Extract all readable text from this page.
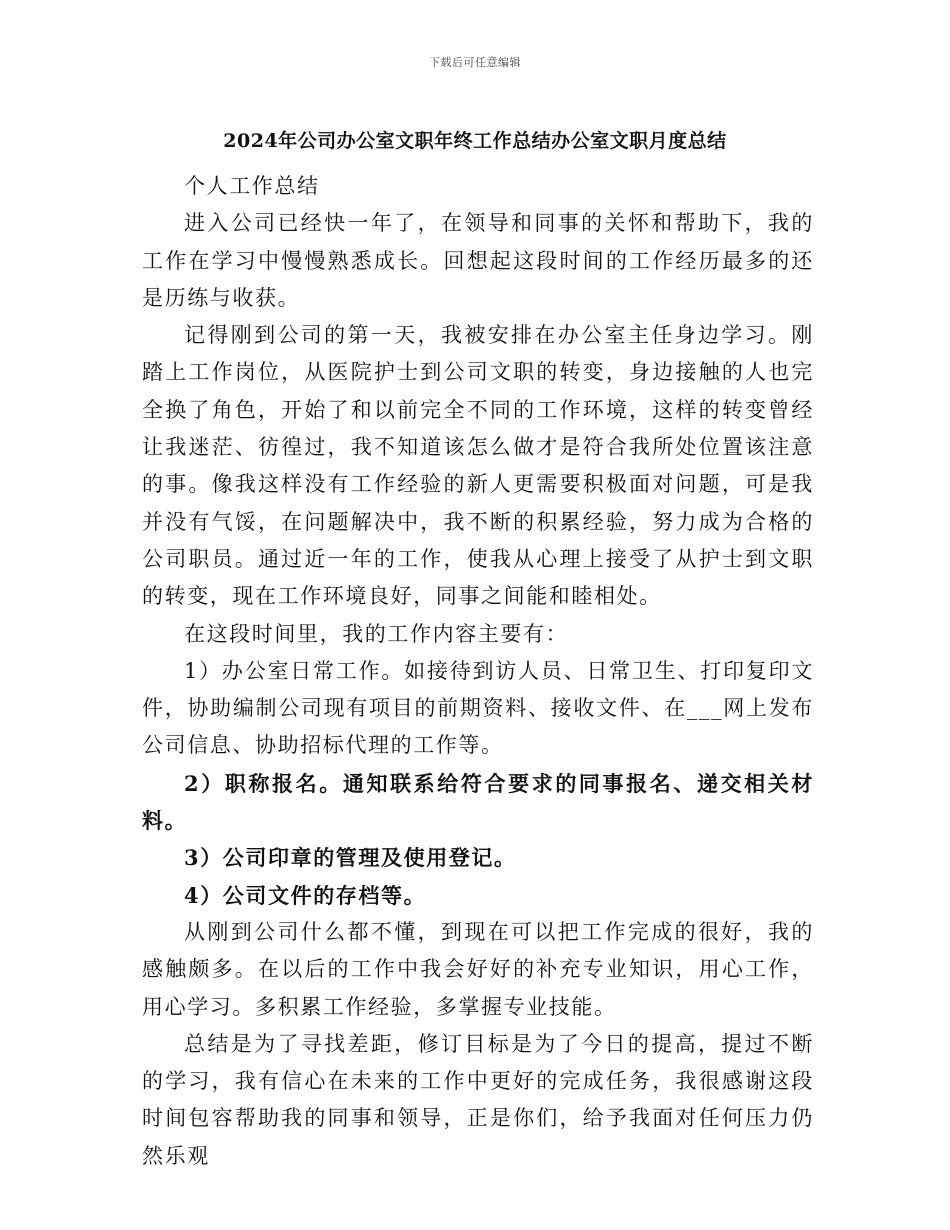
下载后可任意编辑
2024年公司办公室文职年终工作总结办公室文职月度总结

个人工作总结

进入公司已经快一年了，在领导和同事的关怀和帮助下，我的工作在学习中慢慢熟悉成长。回想起这段时间的工作经历最多的还是历练与收获。

记得刚到公司的第一天，我被安排在办公室主任身边学习。刚踏上工作岗位，从医院护士到公司文职的转变，身边接触的人也完全换了角色，开始了和以前完全不同的工作环境，这样的转变曾经让我迷茫、彷徨过，我不知道该怎么做才是符合我所处位置该注意的事。像我这样没有工作经验的新人更需要积极面对问题，可是我并没有气馁，在问题解决中，我不断的积累经验，努力成为合格的公司职员。通过近一年的工作，使我从心理上接受了从护士到文职的转变，现在工作环境良好，同事之间能和睦相处。

在这段时间里，我的工作内容主要有：

1）办公室日常工作。如接待到访人员、日常卫生、打印复印文件，协助编制公司现有项目的前期资料、接收文件、在___网上发布公司信息、协助招标代理的工作等。

2）职称报名。通知联系给符合要求的同事报名、递交相关材料。

3）公司印章的管理及使用登记。

4）公司文件的存档等。

从刚到公司什么都不懂，到现在可以把工作完成的很好，我的感触颇多。在以后的工作中我会好好的补充专业知识，用心工作，用心学习。多积累工作经验，多掌握专业技能。

总结是为了寻找差距，修订目标是为了今日的提高，提过不断的学习，我有信心在未来的工作中更好的完成任务，我很感谢这段时间包容帮助我的同事和领导，正是你们，给予我面对任何压力仍然乐观
